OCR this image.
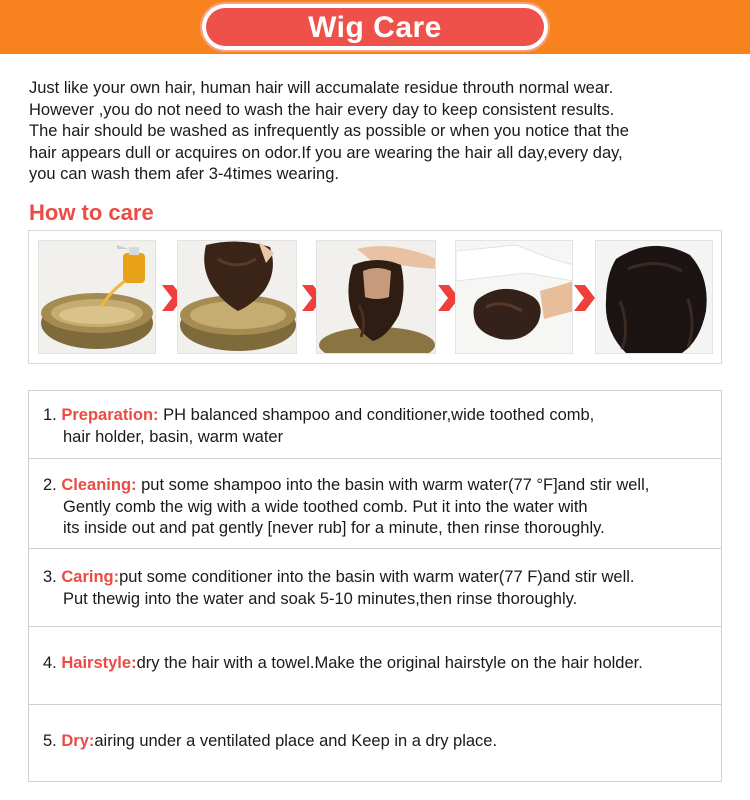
Wig Care
Just like your own hair, human hair will accumalate residue throuth normal wear.
However ,you do not need to wash the hair every day to keep consistent results.
The hair should be washed as infrequently as possible or when you notice that the
hair appears dull or acquires on odor.If you are wearing the hair all day,every day,
you can wash them afer 3-4times wearing.
How to care
1. Preparation: PH balanced shampoo and conditioner,wide toothed comb,
hair holder, basin, warm water
2. Cleaning: put some shampoo into the basin with warm water(77 °F]and stir well,
Gently comb the wig with a wide toothed comb. Put it into the water with
its inside out and pat gently [never rub] for a minute, then rinse thoroughly.
3. Caring:put some conditioner into the basin with warm water(77 F)and stir well.
Put thewig into the water and soak 5-10 minutes,then rinse thoroughly.
4. Hairstyle:dry the hair with a towel.Make the original hairstyle on the hair holder.
5. Dry:airing under a ventilated place and Keep in a dry place.
